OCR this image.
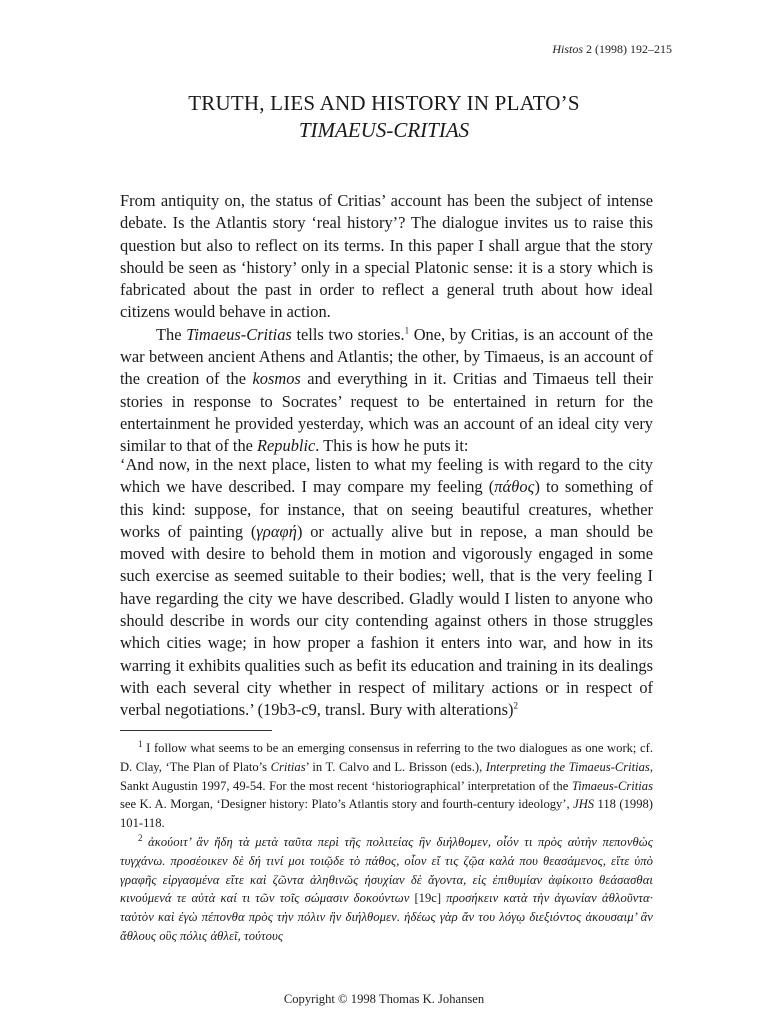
Histos 2 (1998) 192–215
TRUTH, LIES AND HISTORY IN PLATO’S
TIMAEUS-CRITIAS

From antiquity on, the status of Critias’ account has been the subject of intense debate. Is the Atlantis story ‘real history’? The dialogue invites us to raise this question but also to reflect on its terms. In this paper I shall argue that the story should be seen as ‘history’ only in a special Platonic sense: it is a story which is fabricated about the past in order to reflect a general truth about how ideal citizens would behave in action.

The Timaeus-Critias tells two stories.$^1$ One, by Critias, is an account of the war between ancient Athens and Atlantis; the other, by Timaeus, is an account of the creation of the kosmos and everything in it. Critias and Timaeus tell their stories in response to Socrates’ request to be entertained in return for the entertainment he provided yesterday, which was an account of an ideal city very similar to that of the Republic. This is how he puts it:

‘And now, in the next place, listen to what my feeling is with regard to the city which we have described. I may compare my feeling (πάθος) to something of this kind: suppose, for instance, that on seeing beautiful creatures, whether works of painting (γραφή) or actually alive but in repose, a man should be moved with desire to behold them in motion and vigorously engaged in some such exercise as seemed suitable to their bodies; well, that is the very feeling I have regarding the city we have described. Gladly would I listen to anyone who should describe in words our city contending against others in those struggles which cities wage; in how proper a fashion it enters into war, and how in its warring it exhibits qualities such as befit its education and training in its dealings with each several city whether in respect of military actions or in respect of verbal negotiations.’ (19b3-c9, transl. Bury with alterations)$^2$

$^1$ I follow what seems to be an emerging consensus in referring to the two dialogues as one work; cf. D. Clay, ‘The Plan of Plato’s Critias’ in T. Calvo and L. Brisson (eds.), Interpreting the Timaeus-Critias, Sankt Augustin 1997, 49-54. For the most recent ‘historiographical’ interpretation of the Timaeus-Critias see K. A. Morgan, ‘Designer history: Plato’s Atlantis story and fourth-century ideology’, JHS 118 (1998) 101-118.

$^2$ ἀκούοιτ’ ἂν ἤδη τὰ μετὰ ταῦτα περὶ τῆς πολιτείας ἣν διήλθομεν, οἷόν τι πρὸς αὐτὴν πεπονθὼς τυγχάνω. προσέοικεν δὲ δή τινί μοι τοιῷδε τὸ πάθος, οἷον εἴ τις ζῷα καλά που θεασάμενος, εἴτε ὑπὸ γραφῆς εἰργασμένα εἴτε καὶ ζῶντα ἀληθινῶς ἡσυχίαν δὲ ἄγοντα, εἰς ἐπιθυμίαν ἀφίκοιτο θεάσασθαι κινούμενά τε αὐτὰ καί τι τῶν τοῖς σώμασιν δοκούντων [19c] προσήκειν κατὰ τὴν ἀγωνίαν ἀθλοῦντα· ταὐτὸν καὶ ἐγὼ πέπονθα πρὸς τὴν πόλιν ἣν διήλθομεν. ἡδέως γὰρ ἄν του λόγῳ διεξιόντος ἀκουσαιμ’ ἂν ἄθλους οὓς πόλις ἀθλεῖ, τούτους

Copyright © 1998 Thomas K. Johansen
